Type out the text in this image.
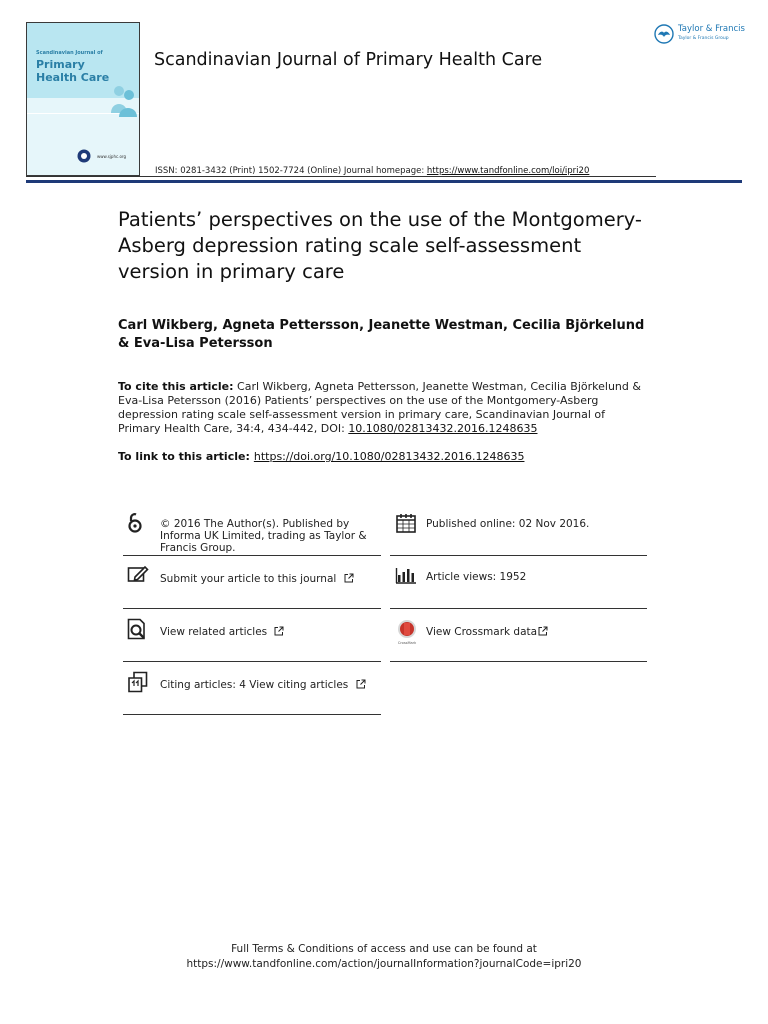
Scandinavian Journal of
Primary
Health Care
www.sjphc.org
Scandinavian Journal of Primary Health Care
ISSN: 0281-3432 (Print) 1502-7724 (Online) Journal homepage: https://www.tandfonline.com/loi/ipri20
Taylor & Francis
Taylor & Francis Group
Patients’ perspectives on the use of the Montgomery-Asberg depression rating scale self-assessment version in primary care
Carl Wikberg, Agneta Pettersson, Jeanette Westman, Cecilia Björkelund & Eva-Lisa Petersson
To cite this article: Carl Wikberg, Agneta Pettersson, Jeanette Westman, Cecilia Björkelund & Eva-Lisa Petersson (2016) Patients’ perspectives on the use of the Montgomery-Asberg depression rating scale self-assessment version in primary care, Scandinavian Journal of Primary Health Care, 34:4, 434-442, DOI: 10.1080/02813432.2016.1248635
To link to this article: https://doi.org/10.1080/02813432.2016.1248635
© 2016 The Author(s). Published by Informa UK Limited, trading as Taylor & Francis Group.
Published online: 02 Nov 2016.
Submit your article to this journal	Article views: 1952
View related articles
CrossMark
View Crossmark data
Citing articles: 4 View citing articles
Full Terms & Conditions of access and use can be found at
https://www.tandfonline.com/action/journalInformation?journalCode=ipri20
